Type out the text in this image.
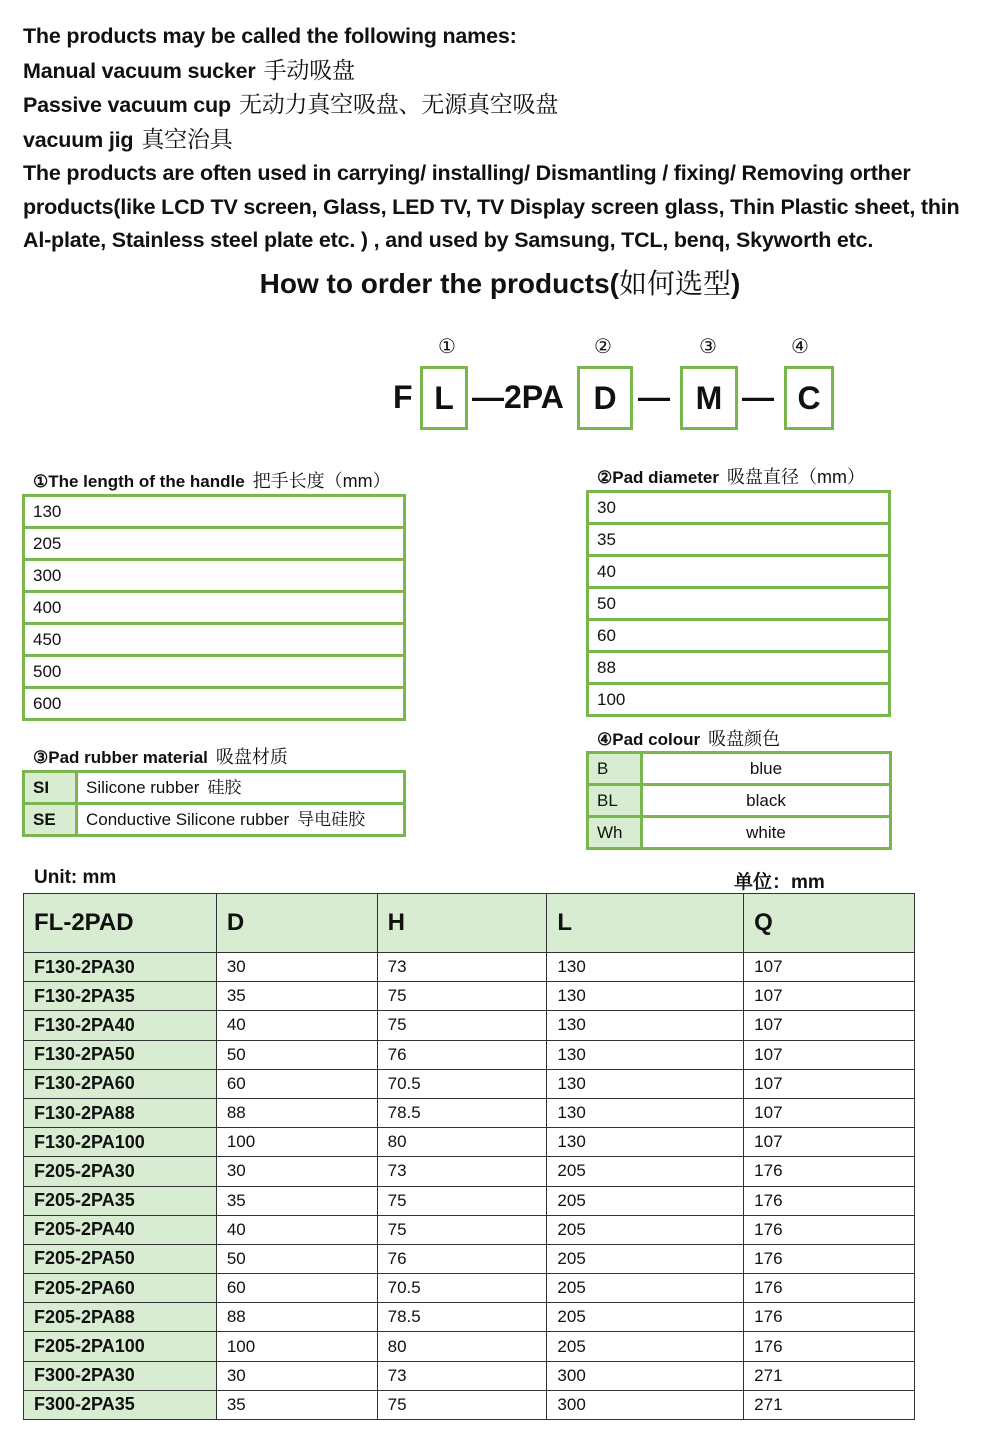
The products may be called the following names:
Manual vacuum sucker 手动吸盘
Passive vacuum cup 无动力真空吸盘、无源真空吸盘
vacuum jig 真空治具
The products are often used in carrying/ installing/ Dismantling / fixing/ Removing orther
products(like LCD TV screen, Glass, LED TV, TV Display screen glass, Thin Plastic sheet, thin
Al-plate, Stainless steel plate etc. ) , and used by Samsung, TCL, benq, Skyworth etc.
How to order the products(如何选型)
①	②	③	④
F L —2PA D — M — C
①The length of the handle 把手长度（mm）
130
205
300
400
450
500
600
②Pad diameter 吸盘直径（mm）
30
35
40
50
60
88
100
③Pad rubber material 吸盘材质
SI	Silicone rubber 硅胶
SE	Conductive Silicone rubber 导电硅胶
④Pad colour 吸盘颜色
B	blue
BL	black
Wh	white
Unit: mm	单位：mm
FL-2PAD	D	H	L	Q
F130-2PA30	30	73	130	107
F130-2PA35	35	75	130	107
F130-2PA40	40	75	130	107
F130-2PA50	50	76	130	107
F130-2PA60	60	70.5	130	107
F130-2PA88	88	78.5	130	107
F130-2PA100	100	80	130	107
F205-2PA30	30	73	205	176
F205-2PA35	35	75	205	176
F205-2PA40	40	75	205	176
F205-2PA50	50	76	205	176
F205-2PA60	60	70.5	205	176
F205-2PA88	88	78.5	205	176
F205-2PA100	100	80	205	176
F300-2PA30	30	73	300	271
F300-2PA35	35	75	300	271
